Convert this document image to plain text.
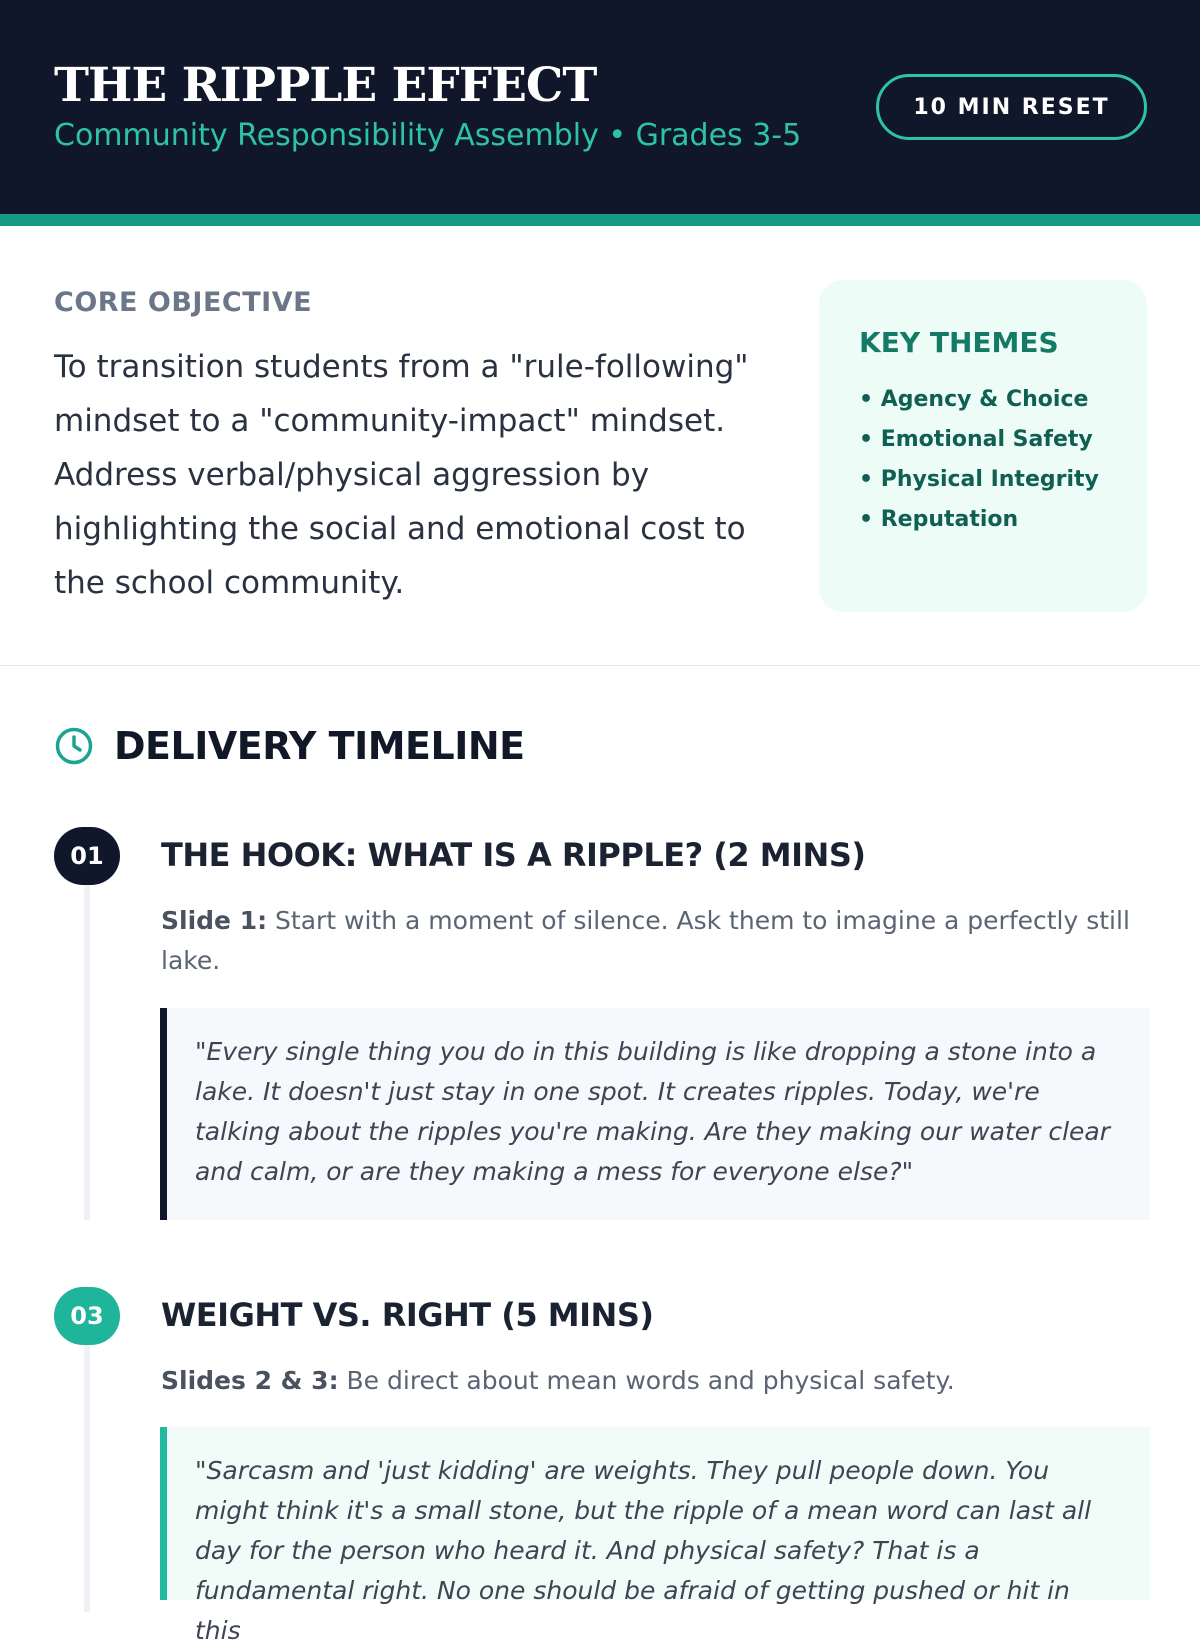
THE RIPPLE EFFECT
Community Responsibility Assembly • Grades 3-5
10 MIN RESET
CORE OBJECTIVE
To transition students from a "rule-following" mindset to a "community-impact" mindset. Address verbal/physical aggression by highlighting the social and emotional cost to the school community.
KEY THEMES
• Agency & Choice
• Emotional Safety
• Physical Integrity
• Reputation
DELIVERY TIMELINE
01	THE HOOK: WHAT IS A RIPPLE? (2 MINS)
Slide 1: Start with a moment of silence. Ask them to imagine a perfectly still lake.
"Every single thing you do in this building is like dropping a stone into a lake. It doesn't just stay in one spot. It creates ripples. Today, we're talking about the ripples you're making. Are they making our water clear and calm, or are they making a mess for everyone else?"
03	WEIGHT VS. RIGHT (5 MINS)
Slides 2 & 3: Be direct about mean words and physical safety.
"Sarcasm and 'just kidding' are weights. They pull people down. You might think it's a small stone, but the ripple of a mean word can last all day for the person who heard it. And physical safety? That is a fundamental right. No one should be afraid of getting pushed or hit in this
